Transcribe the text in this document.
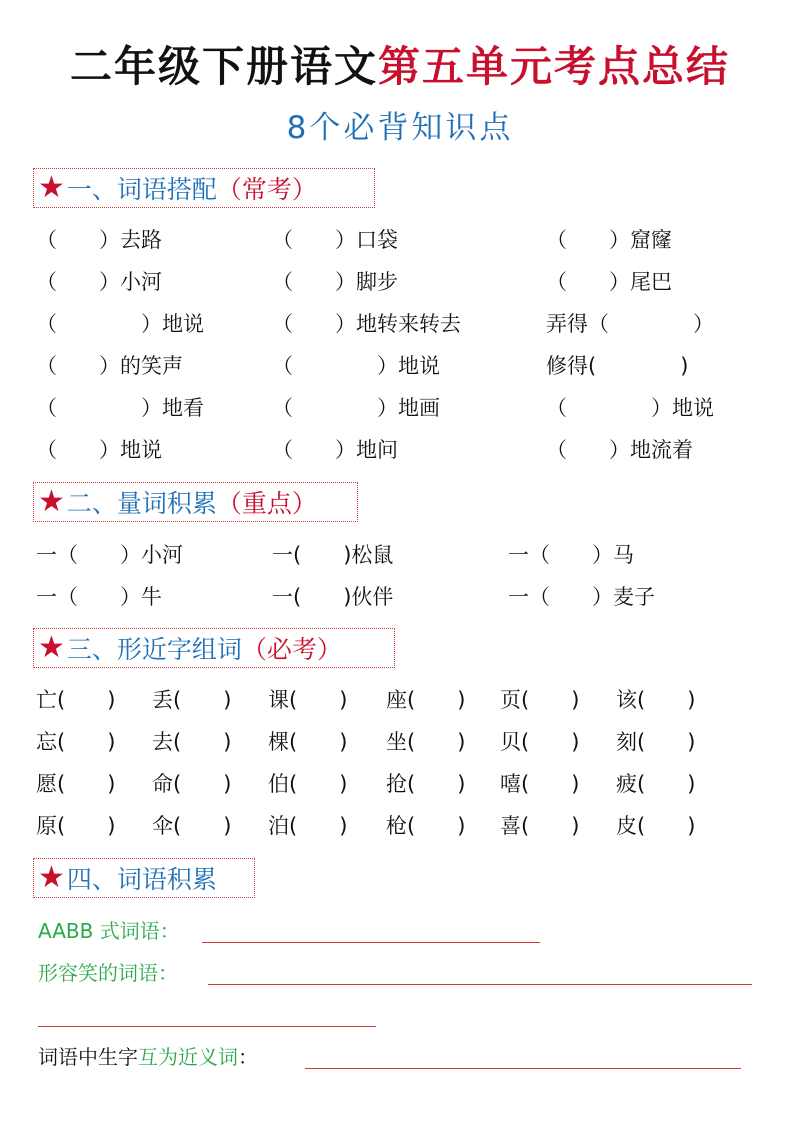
二年级下册语文第五单元考点总结
8个必背知识点
★ 一、词语搭配 （常考）
（　　）去路	（　　）口袋	（　　）窟窿
（　　）小河	（　　）脚步	（　　）尾巴
（　　　　）地说	（　　）地转来转去	弄得（　　　　）
（　　）的笑声	（　　　　）地说	修得(　　　　)
（　　　　）地看	（　　　　）地画	（　　　　）地说
（　　）地说	（　　）地问	（　　）地流着
★ 二、量词积累 （重点）
一（　　）小河	一(　　)松鼠	一（　　）马
一（　　）牛	一(　　)伙伴	一（　　）麦子
★ 三、形近字组词 （必考）
亡(　　) 丢(　　) 课(　　) 座(　　) 页(　　) 该(　　)
忘(　　) 去(　　) 棵(　　) 坐(　　) 贝(　　) 刻(　　)
愿(　　) 命(　　) 伯(　　) 抢(　　) 嘻(　　) 疲(　　)
原(　　) 伞(　　) 泊(　　) 枪(　　) 喜(　　) 皮(　　)
★ 四、词语积累
AABB 式词语：
形容笑的词语：
词语中生字互为近义词：
